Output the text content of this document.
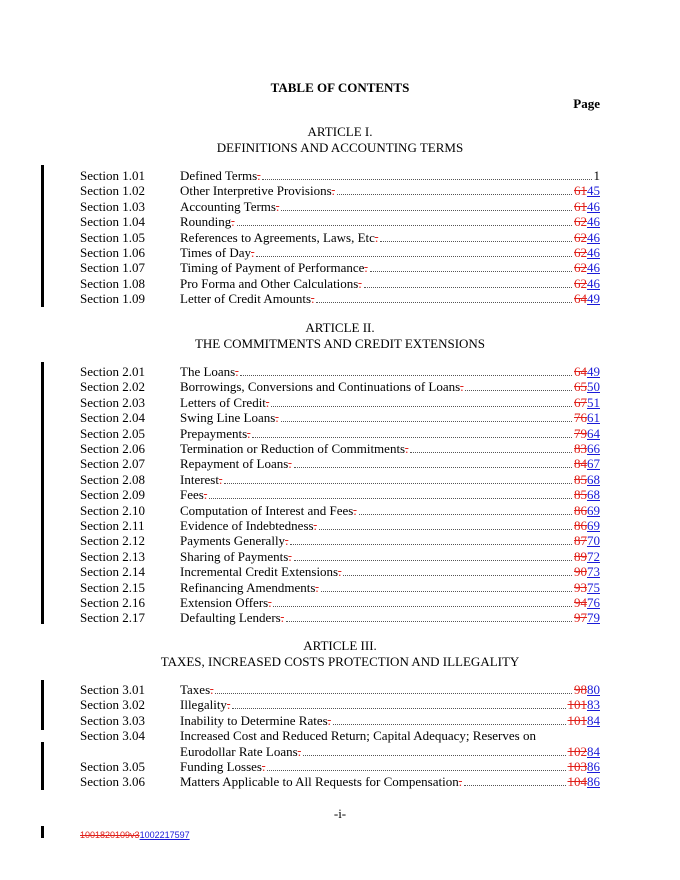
TABLE OF CONTENTS
Page
ARTICLE I.
DEFINITIONS AND ACCOUNTING TERMS
Section 1.01	Defined Terms .	1
Section 1.02	Other Interpretive Provisions .	6145
Section 1.03	Accounting Terms .	6146
Section 1.04	Rounding .	6246
Section 1.05	References to Agreements, Laws, Etc .	6246
Section 1.06	Times of Day .	6246
Section 1.07	Timing of Payment of Performance .	6246
Section 1.08	Pro Forma and Other Calculations .	6246
Section 1.09	Letter of Credit Amounts .	6449
ARTICLE II.
THE COMMITMENTS AND CREDIT EXTENSIONS
Section 2.01	The Loans .	6449
Section 2.02	Borrowings, Conversions and Continuations of Loans .	6550
Section 2.03	Letters of Credit .	6751
Section 2.04	Swing Line Loans .	7661
Section 2.05	Prepayments .	7964
Section 2.06	Termination or Reduction of Commitments .	8366
Section 2.07	Repayment of Loans .	8467
Section 2.08	Interest .	8568
Section 2.09	Fees .	8568
Section 2.10	Computation of Interest and Fees .	8669
Section 2.11	Evidence of Indebtedness .	8669
Section 2.12	Payments Generally .	8770
Section 2.13	Sharing of Payments .	8972
Section 2.14	Incremental Credit Extensions .	9073
Section 2.15	Refinancing Amendments .	9375
Section 2.16	Extension Offers .	9476
Section 2.17	Defaulting Lenders .	9779
ARTICLE III.
TAXES, INCREASED COSTS PROTECTION AND ILLEGALITY
Section 3.01	Taxes .	9880
Section 3.02	Illegality .	10183
Section 3.03	Inability to Determine Rates .	10184
Section 3.04	Increased Cost and Reduced Return; Capital Adequacy; Reserves on
Eurodollar Rate Loans .	10284
Section 3.05	Funding Losses .	10386
Section 3.06	Matters Applicable to All Requests for Compensation .	10486
-i-
1001820109v31002217597
